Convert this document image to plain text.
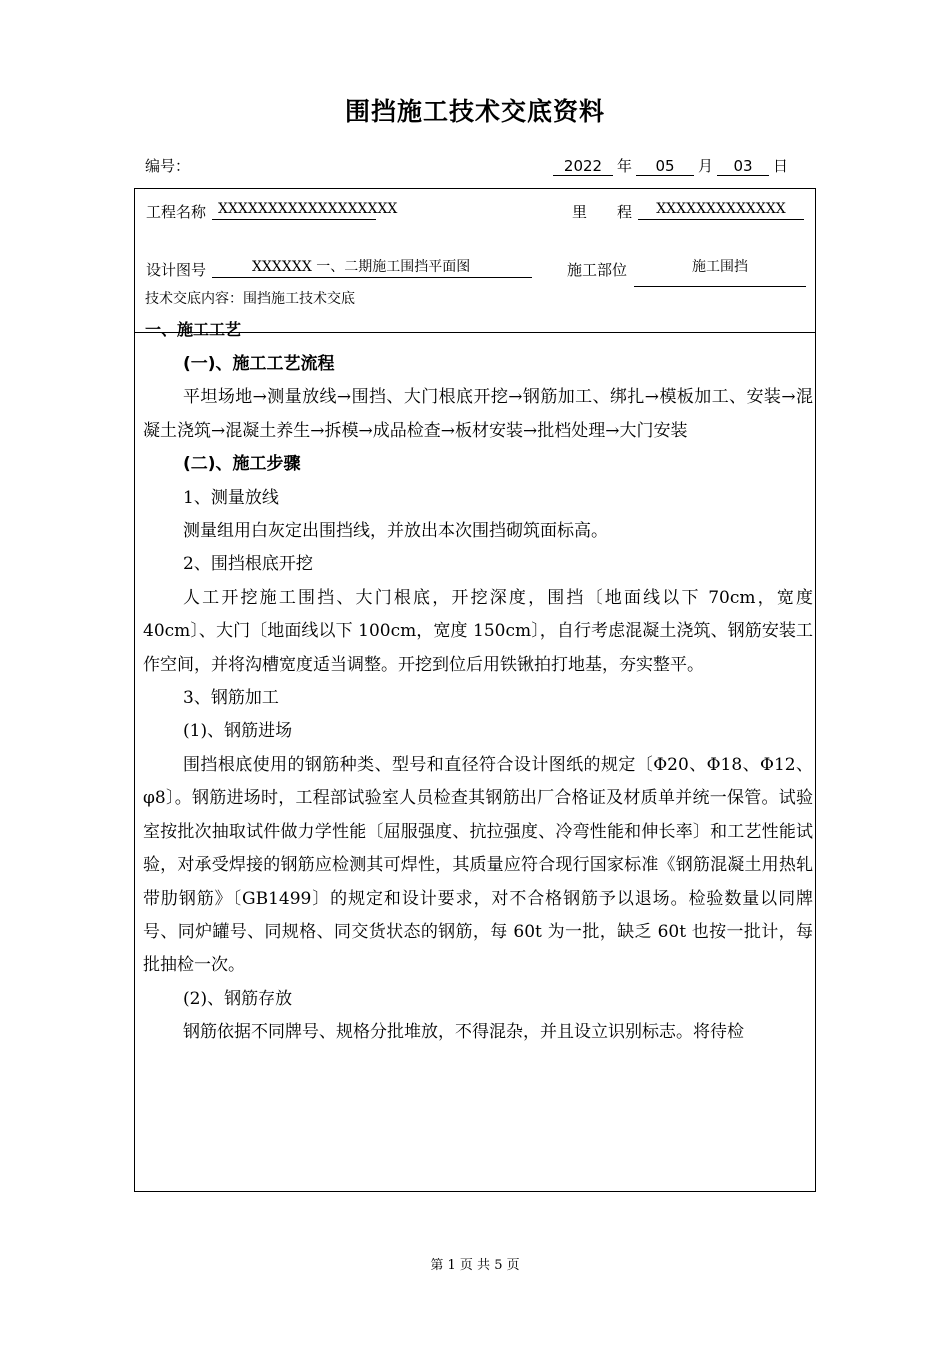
围挡施工技术交底资料
编号：	2022 年 05 月 03 日
工程名称 XXXXXXXXXXXXXXXXXX	里　　程	XXXXXXXXXXXXX
设计图号	XXXXXX 一、二期施工围挡平面图	施工部位	施工围挡
技术交底内容：围挡施工技术交底
一、施工工艺

(一)、施工工艺流程

平坦场地→测量放线→围挡、大门根底开挖→钢筋加工、绑扎→模板加工、安装→混凝土浇筑→混凝土养生→拆模→成品检查→板材安装→批档处理→大门安装

(二)、施工步骤

1、测量放线

测量组用白灰定出围挡线，并放出本次围挡砌筑面标高。

2、围挡根底开挖

人工开挖施工围挡、大门根底，开挖深度，围挡〔地面线以下 70cm，宽度 40cm〕、大门〔地面线以下 100cm，宽度 150cm〕，自行考虑混凝土浇筑、钢筋安装工作空间，并将沟槽宽度适当调整。开挖到位后用铁锹拍打地基，夯实整平。

3、钢筋加工

(1)、钢筋进场

围挡根底使用的钢筋种类、型号和直径符合设计图纸的规定〔Φ20、Φ18、Φ12、φ8〕。钢筋进场时，工程部试验室人员检查其钢筋出厂合格证及材质单并统一保管。试验室按批次抽取试件做力学性能〔屈服强度、抗拉强度、冷弯性能和伸长率〕和工艺性能试验，对承受焊接的钢筋应检测其可焊性，其质量应符合现行国家标准《钢筋混凝土用热轧带肋钢筋》〔GB1499〕的规定和设计要求，对不合格钢筋予以退场。检验数量以同牌号、同炉罐号、同规格、同交货状态的钢筋，每 60t 为一批，缺乏 60t 也按一批计，每批抽检一次。

(2)、钢筋存放

钢筋依据不同牌号、规格分批堆放，不得混杂，并且设立识别标志。将待检

第 1 页 共 5 页
